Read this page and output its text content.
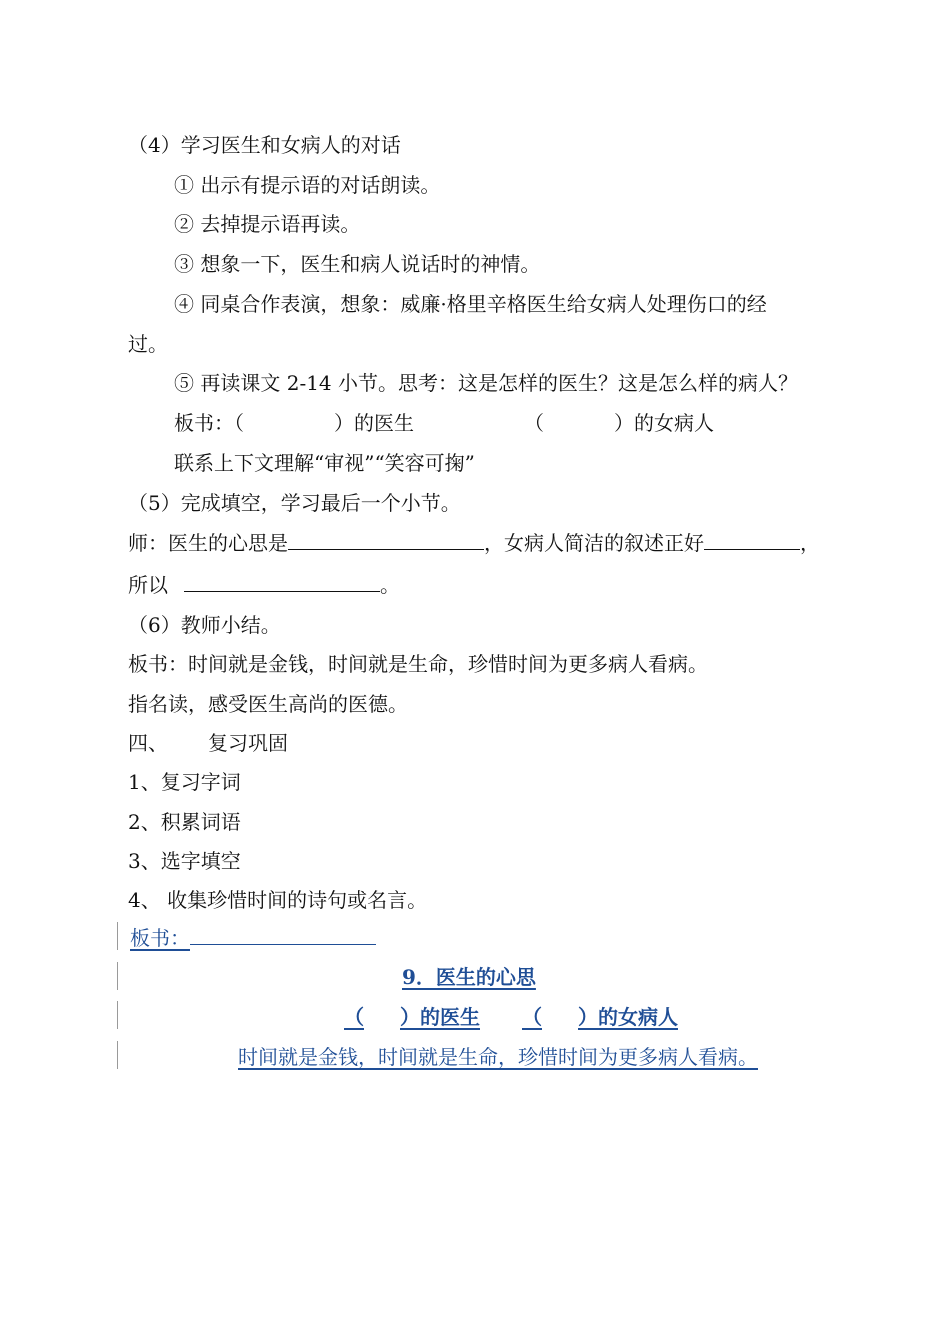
（4）学习医生和女病人的对话
① 出示有提示语的对话朗读。
② 去掉提示语再读。
③ 想象一下，医生和病人说话时的神情。
④ 同桌合作表演，想象：威廉·格里辛格医生给女病人处理伤口的经
过。
⑤ 再读课文 2-14 小节。思考：这是怎样的医生？这是怎么样的病人？
板书：（	）的医生	（	）的女病人
联系上下文理解“审视”“笑容可掬”
（5）完成填空，学习最后一个小节。
师：医生的心思是	，女病人简洁的叙述正好	，
所以	。
（6）教师小结。
板书：时间就是金钱，时间就是生命，珍惜时间为更多病人看病。
指名读，感受医生高尚的医德。
四、 复习巩固
1、复习字词
2、积累词语
3、选字填空
4、 收集珍惜时间的诗句或名言。
板书：
9．医生的心思
（ ）的医生 （ ）的女病人
时间就是金钱，时间就是生命，珍惜时间为更多病人看病。
